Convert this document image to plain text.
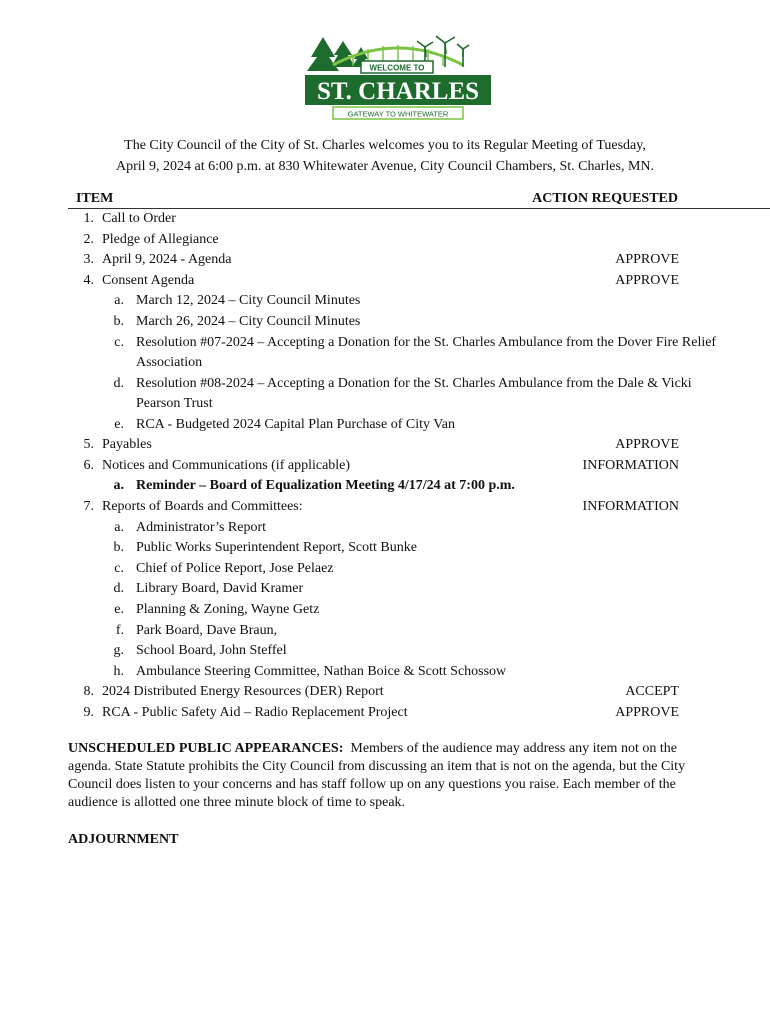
WELCOME TO
ST. CHARLES
GATEWAY TO WHITEWATER
The City Council of the City of St. Charles welcomes you to its Regular Meeting of Tuesday,
April 9, 2024 at 6:00 p.m. at 830 Whitewater Avenue, City Council Chambers, St. Charles, MN.
ITEM	ACTION REQUESTED
1. Call to Order
2. Pledge of Allegiance
3. April 9, 2024 - Agenda	APPROVE
4. Consent Agenda	APPROVE
a. March 12, 2024 – City Council Minutes
b. March 26, 2024 – City Council Minutes
c. Resolution #07-2024 – Accepting a Donation for the St. Charles Ambulance from the Dover Fire Relief Association
d. Resolution #08-2024 – Accepting a Donation for the St. Charles Ambulance from the Dale & Vicki Pearson Trust
e. RCA - Budgeted 2024 Capital Plan Purchase of City Van
5. Payables	APPROVE
6. Notices and Communications (if applicable)	INFORMATION
a. Reminder – Board of Equalization Meeting 4/17/24 at 7:00 p.m.
7. Reports of Boards and Committees:	INFORMATION
a. Administrator’s Report
b. Public Works Superintendent Report, Scott Bunke
c. Chief of Police Report, Jose Pelaez
d. Library Board, David Kramer
e. Planning & Zoning, Wayne Getz
f. Park Board, Dave Braun,
g. School Board, John Steffel
h. Ambulance Steering Committee, Nathan Boice & Scott Schossow
8. 2024 Distributed Energy Resources (DER) Report	ACCEPT
9. RCA - Public Safety Aid – Radio Replacement Project	APPROVE
UNSCHEDULED PUBLIC APPEARANCES: Members of the audience may address any item not on the agenda. State Statute prohibits the City Council from discussing an item that is not on the agenda, but the City Council does listen to your concerns and has staff follow up on any questions you raise. Each member of the audience is allotted one three minute block of time to speak.
ADJOURNMENT
